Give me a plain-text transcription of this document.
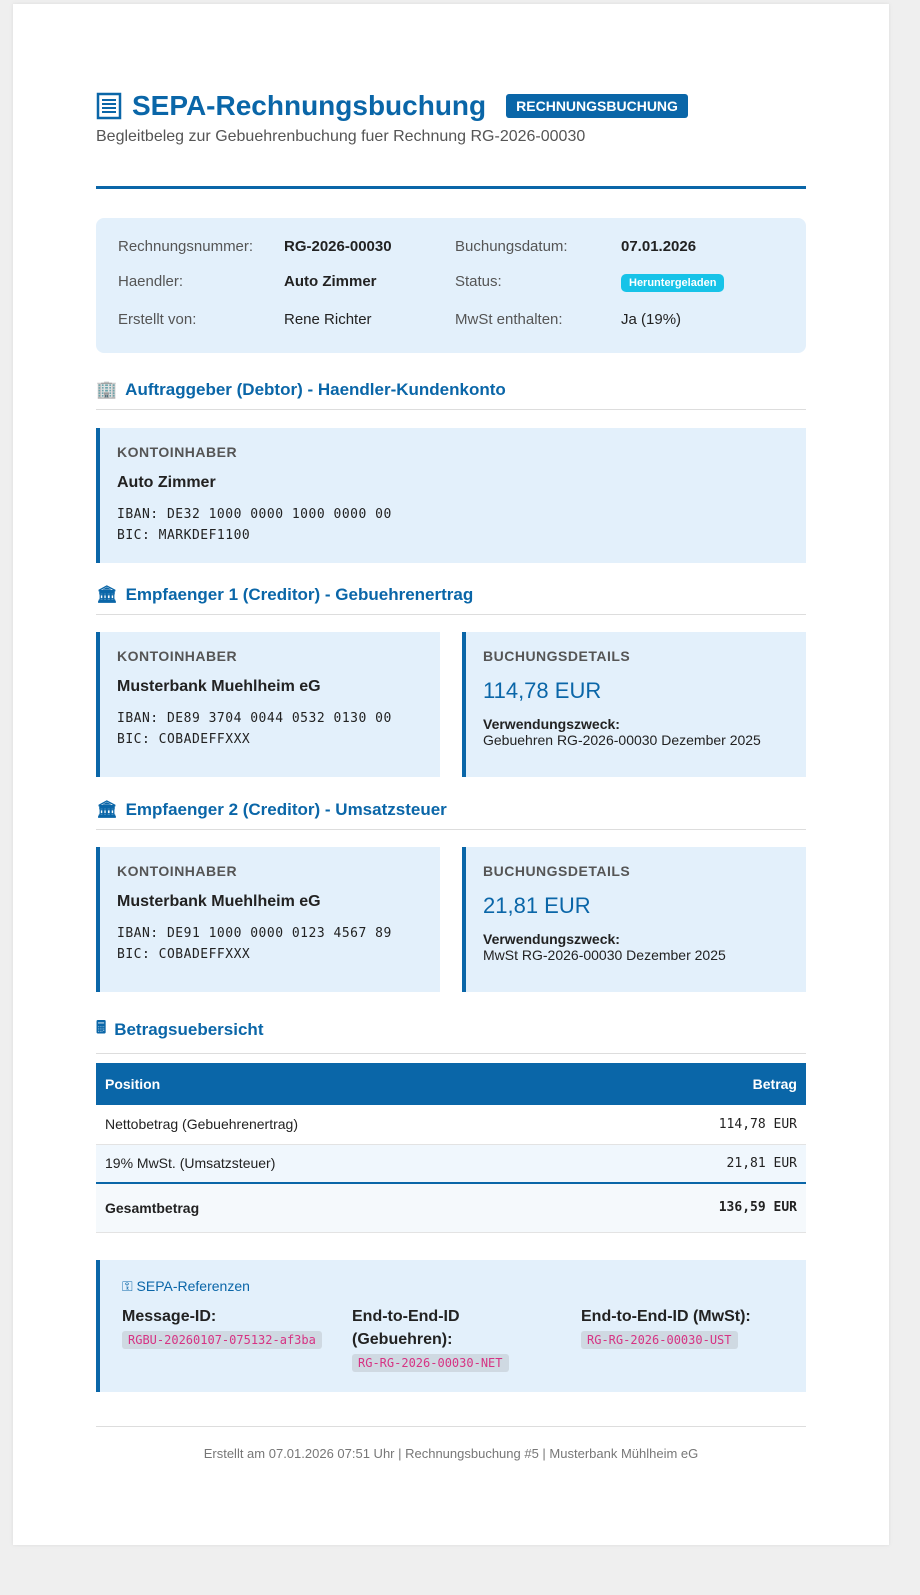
SEPA-Rechnungsbuchung	RECHNUNGSBUCHUNG
Begleitbeleg zur Gebuehrenbuchung fuer Rechnung RG-2026-00030
Rechnungsnummer:	RG-2026-00030	Buchungsdatum:	07.01.2026
Haendler:	Auto Zimmer	Status:	Heruntergeladen
Erstellt von:	Rene Richter	MwSt enthalten:	Ja (19%)
🏢 Auftraggeber (Debtor) - Haendler-Kundenkonto
KONTOINHABER
Auto Zimmer
IBAN: DE32 1000 0000 1000 0000 00
BIC: MARKDEF1100
🏛 Empfaenger 1 (Creditor) - Gebuehrenertrag
KONTOINHABER
Musterbank Muehlheim eG
IBAN: DE89 3704 0044 0532 0130 00
BIC: COBADEFFXXX
BUCHUNGSDETAILS
114,78 EUR
Verwendungszweck:
Gebuehren RG-2026-00030 Dezember 2025
🏛 Empfaenger 2 (Creditor) - Umsatzsteuer
KONTOINHABER
Musterbank Muehlheim eG
IBAN: DE91 1000 0000 0123 4567 89
BIC: COBADEFFXXX
BUCHUNGSDETAILS
21,81 EUR
Verwendungszweck:
MwSt RG-2026-00030 Dezember 2025
🖩 Betragsuebersicht
Position	Betrag
Nettobetrag (Gebuehrenertrag)	114,78 EUR
19% MwSt. (Umsatzsteuer)	21,81 EUR
Gesamtbetrag	136,59 EUR
⚿ SEPA-Referenzen
Message-ID:
RGBU-20260107-075132-af3ba
End-to-End-ID (Gebuehren):
RG-RG-2026-00030-NET
End-to-End-ID (MwSt):
RG-RG-2026-00030-UST
Erstellt am 07.01.2026 07:51 Uhr | Rechnungsbuchung #5 | Musterbank Mühlheim eG
